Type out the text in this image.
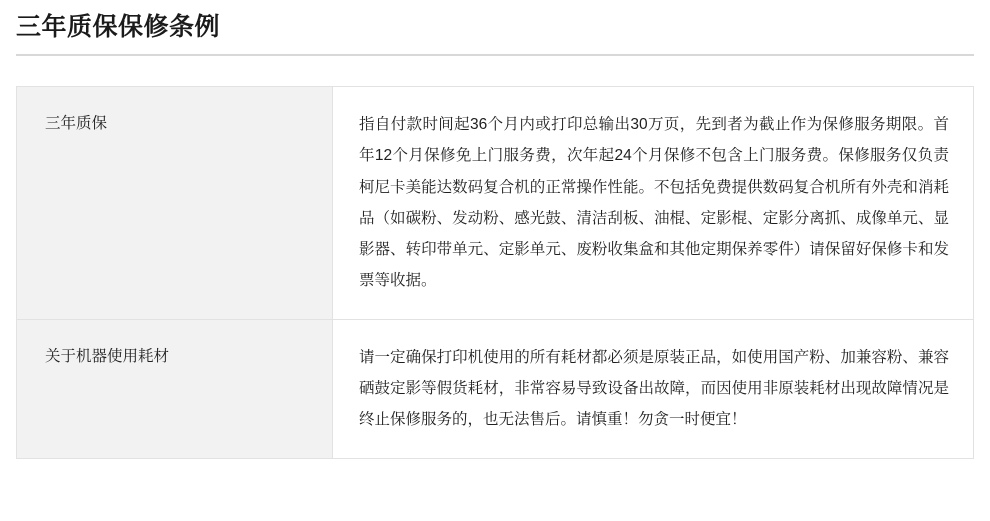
三年质保保修条例
三年质保	指自付款时间起36个月内或打印总输出30万页，先到者为截止作为保修服务期限。首年12个月保修免上门服务费，次年起24个月保修不包含上门服务费。保修服务仅负责柯尼卡美能达数码复合机的正常操作性能。不包括免费提供数码复合机所有外壳和消耗品（如碳粉、发动粉、感光鼓、清洁刮板、油棍、定影棍、定影分离抓、成像单元、显影器、转印带单元、定影单元、废粉收集盒和其他定期保养零件）请保留好保修卡和发票等收据。
关于机器使用耗材	请一定确保打印机使用的所有耗材都必须是原装正品，如使用国产粉、加兼容粉、兼容硒鼓定影等假货耗材，非常容易导致设备出故障，而因使用非原装耗材出现故障情况是终止保修服务的，也无法售后。请慎重！勿贪一时便宜！
